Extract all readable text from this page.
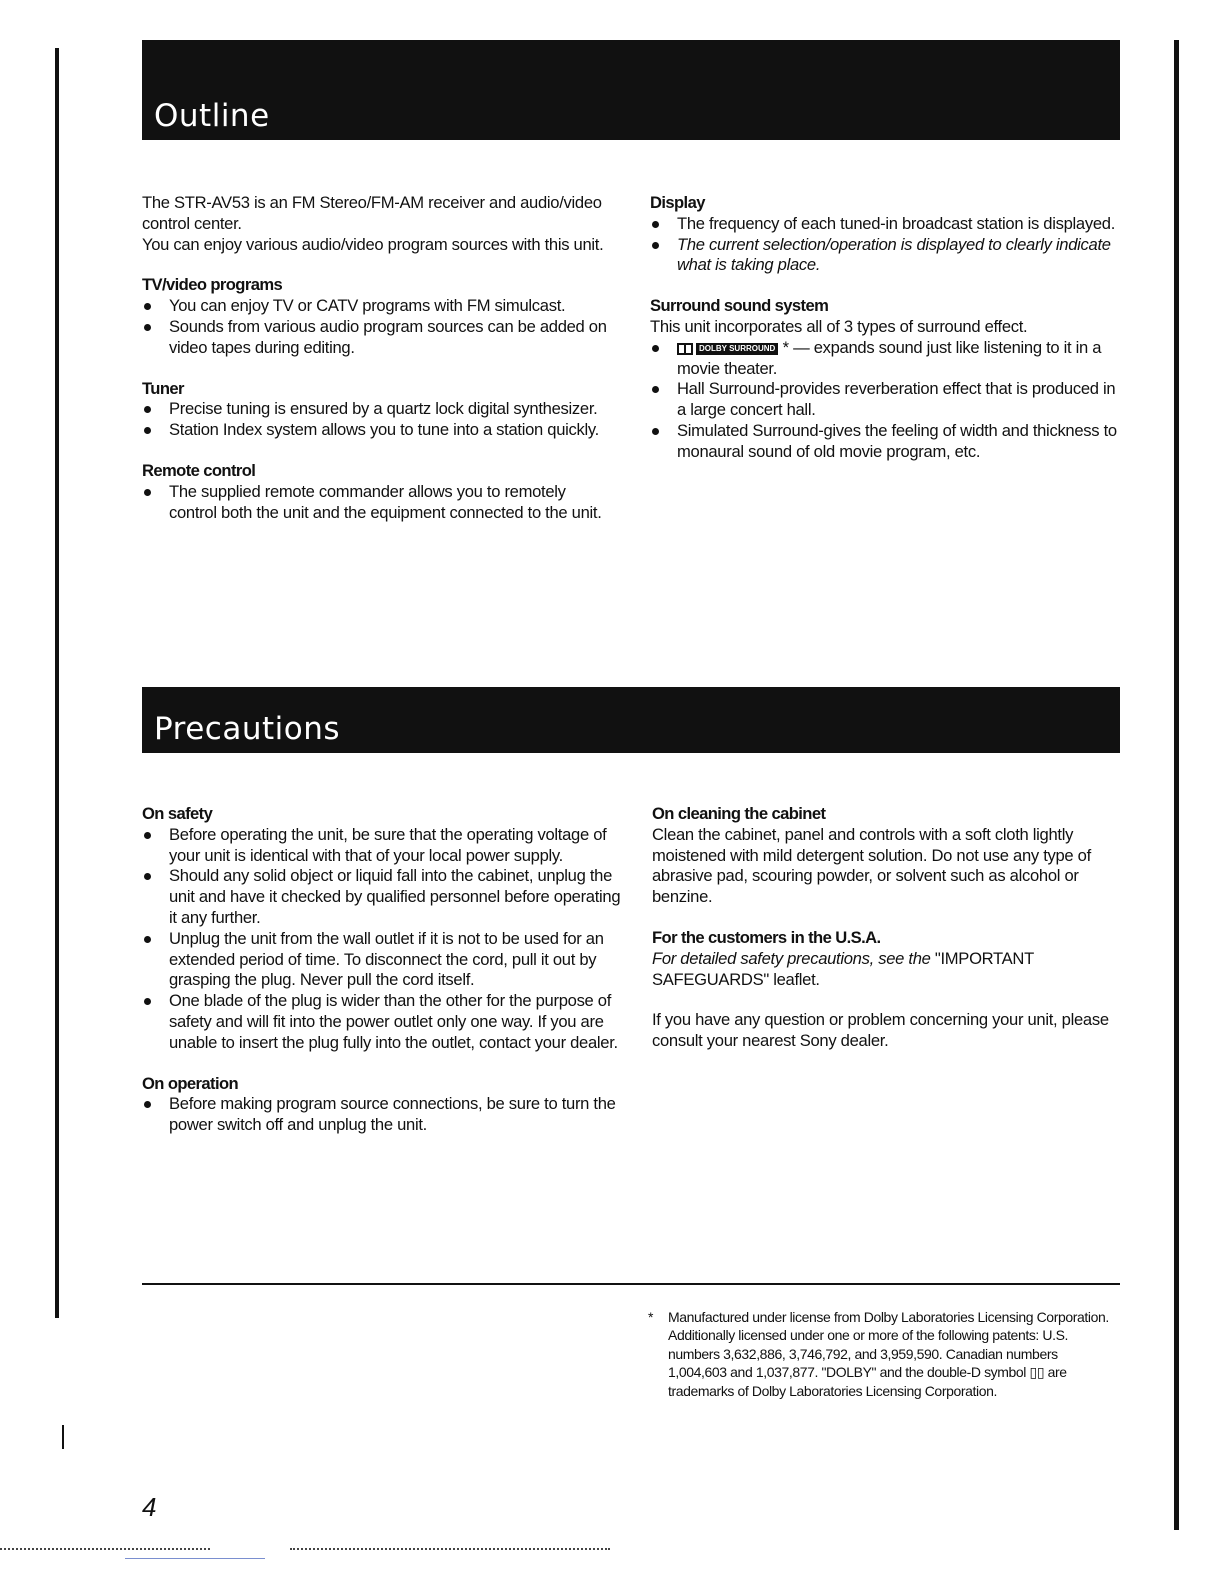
Outline

The STR-AV53 is an FM Stereo/FM-AM receiver and audio/video control center.

You can enjoy various audio/video program sources with this unit.

TV/video programs
You can enjoy TV or CATV programs with FM simulcast.
Sounds from various audio program sources can be added on video tapes during editing.
Tuner
Precise tuning is ensured by a quartz lock digital synthesizer.
Station Index system allows you to tune into a station quickly.
Remote control
The supplied remote commander allows you to remotely control both the unit and the equipment connected to the unit.
Display
The frequency of each tuned-in broadcast station is displayed.
The current selection/operation is displayed to clearly indicate what is taking place.
Surround sound system

This unit incorporates all of 3 types of surround effect.

DOLBY SURROUND * — expands sound just like listening to it in a movie theater.
Hall Surround-provides reverberation effect that is produced in a large concert hall.
Simulated Surround-gives the feeling of width and thickness to monaural sound of old movie program, etc.
Precautions
On safety
Before operating the unit, be sure that the operating voltage of your unit is identical with that of your local power supply.
Should any solid object or liquid fall into the cabinet, unplug the unit and have it checked by qualified personnel before operating it any further.
Unplug the unit from the wall outlet if it is not to be used for an extended period of time. To disconnect the cord, pull it out by grasping the plug. Never pull the cord itself.
One blade of the plug is wider than the other for the purpose of safety and will fit into the power outlet only one way. If you are unable to insert the plug fully into the outlet, contact your dealer.
On operation
Before making program source connections, be sure to turn the power switch off and unplug the unit.
On cleaning the cabinet

Clean the cabinet, panel and controls with a soft cloth lightly moistened with mild detergent solution. Do not use any type of abrasive pad, scouring powder, or solvent such as alcohol or benzine.

For the customers in the U.S.A.

For detailed safety precautions, see the "IMPORTANT SAFEGUARDS" leaflet.

If you have any question or problem concerning your unit, please consult your nearest Sony dealer.

* Manufactured under license from Dolby Laboratories Licensing Corporation. Additionally licensed under one or more of the following patents: U.S. numbers 3,632,886, 3,746,792, and 3,959,590. Canadian numbers 1,004,603 and 1,037,877. "DOLBY" and the double-D symbol ▯▯ are trademarks of Dolby Laboratories Licensing Corporation.

4
